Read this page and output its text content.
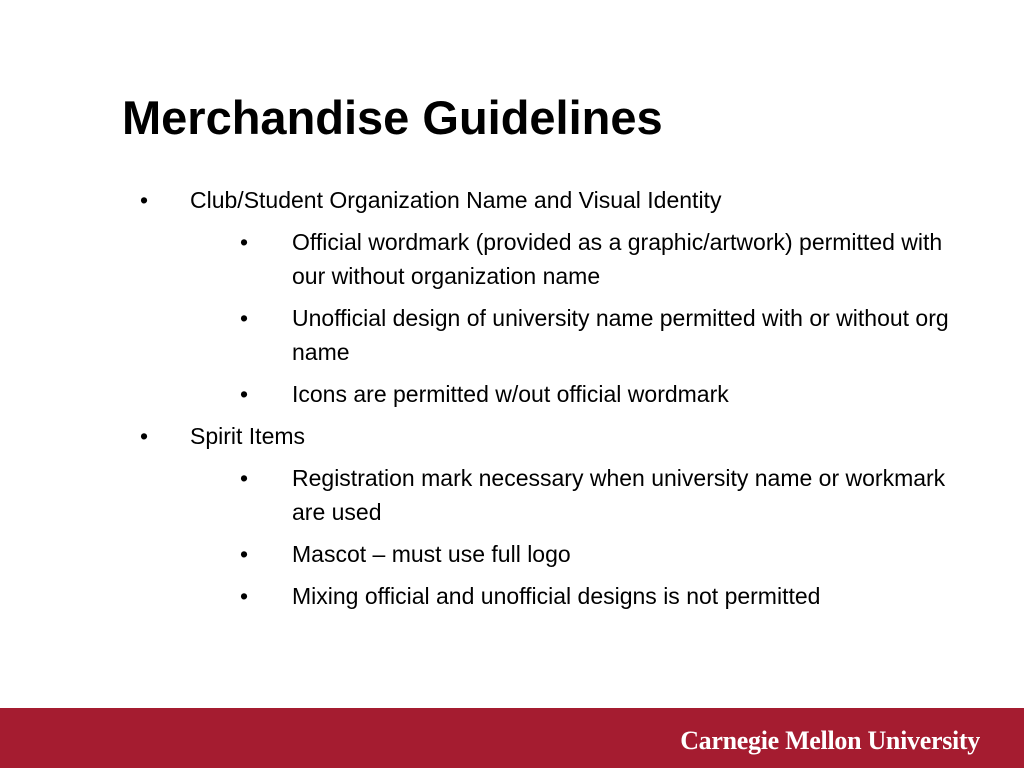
Merchandise Guidelines
• Club/Student Organization Name and Visual Identity
• Official wordmark (provided as a graphic/artwork) permitted with our without organization name
• Unofficial design of university name permitted with or without org name
• Icons are permitted w/out official wordmark
• Spirit Items
• Registration mark necessary when university name or workmark are used
• Mascot – must use full logo
• Mixing official and unofficial designs is not permitted
Carnegie Mellon University
